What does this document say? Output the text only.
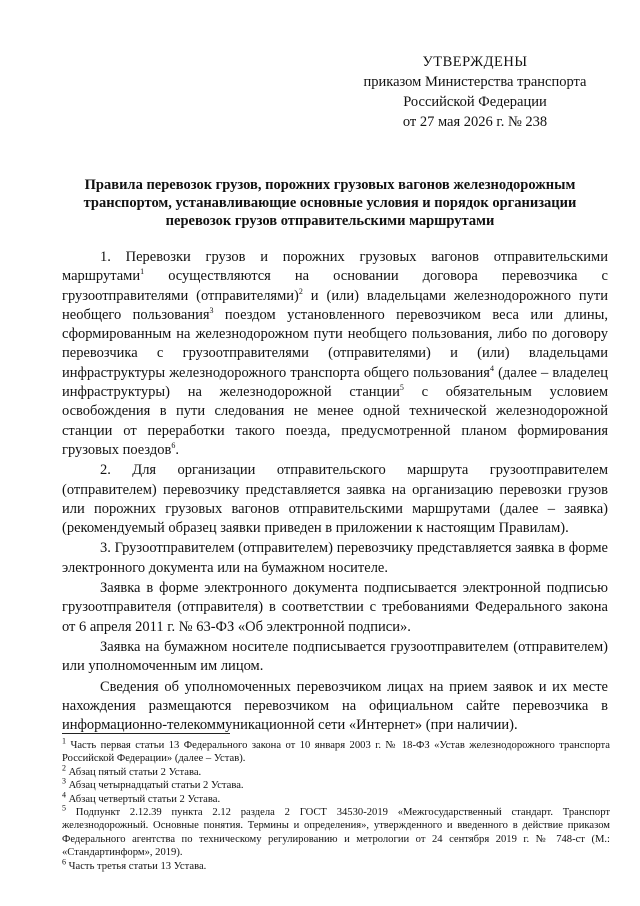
УТВЕРЖДЕНЫ
приказом Министерства транспорта
Российской Федерации
от 27 мая 2026 г. № 238
Правила перевозок грузов, порожних грузовых вагонов железнодорожным транспортом, устанавливающие основные условия и порядок организации перевозок грузов отправительскими маршрутами

1. Перевозки грузов и порожних грузовых вагонов отправительскими маршрутами$^1$ осуществляются на основании договора перевозчика с грузоотправителями (отправителями)$^2$ и (или) владельцами железнодорожного пути необщего пользования$^3$ поездом установленного перевозчиком веса или длины, сформированным на железнодорожном пути необщего пользования, либо по договору перевозчика с грузоотправителями (отправителями) и (или) владельцами инфраструктуры железнодорожного транспорта общего пользования$^4$ (далее – владелец инфраструктуры) на железнодорожной станции$^5$ с обязательным условием освобождения в пути следования не менее одной технической железнодорожной станции от переработки такого поезда, предусмотренной планом формирования грузовых поездов$^6$.

2. Для организации отправительского маршрута грузоотправителем (отправителем) перевозчику представляется заявка на организацию перевозки грузов или порожних грузовых вагонов отправительскими маршрутами (далее – заявка) (рекомендуемый образец заявки приведен в приложении к настоящим Правилам).

3. Грузоотправителем (отправителем) перевозчику представляется заявка в форме электронного документа или на бумажном носителе.

Заявка в форме электронного документа подписывается электронной подписью грузоотправителя (отправителя) в соответствии с требованиями Федерального закона от 6 апреля 2011 г. № 63-ФЗ «Об электронной подписи».

Заявка на бумажном носителе подписывается грузоотправителем (отправителем) или уполномоченным им лицом.

Сведения об уполномоченных перевозчиком лицах на прием заявок и их месте нахождения размещаются перевозчиком на официальном сайте перевозчика в информационно-телекоммуникационной сети «Интернет» (при наличии).

$^1$ Часть первая статьи 13 Федерального закона от 10 января 2003 г. № 18-ФЗ «Устав железнодорожного транспорта Российской Федерации» (далее – Устав).

$^2$ Абзац пятый статьи 2 Устава.

$^3$ Абзац четырнадцатый статьи 2 Устава.

$^4$ Абзац четвертый статьи 2 Устава.

$^5$ Подпункт 2.12.39 пункта 2.12 раздела 2 ГОСТ 34530-2019 «Межгосударственный стандарт. Транспорт железнодорожный. Основные понятия. Термины и определения», утвержденного и введенного в действие приказом Федерального агентства по техническому регулированию и метрологии от 24 сентября 2019 г. № 748-ст (М.: «Стандартинформ», 2019).

$^6$ Часть третья статьи 13 Устава.
